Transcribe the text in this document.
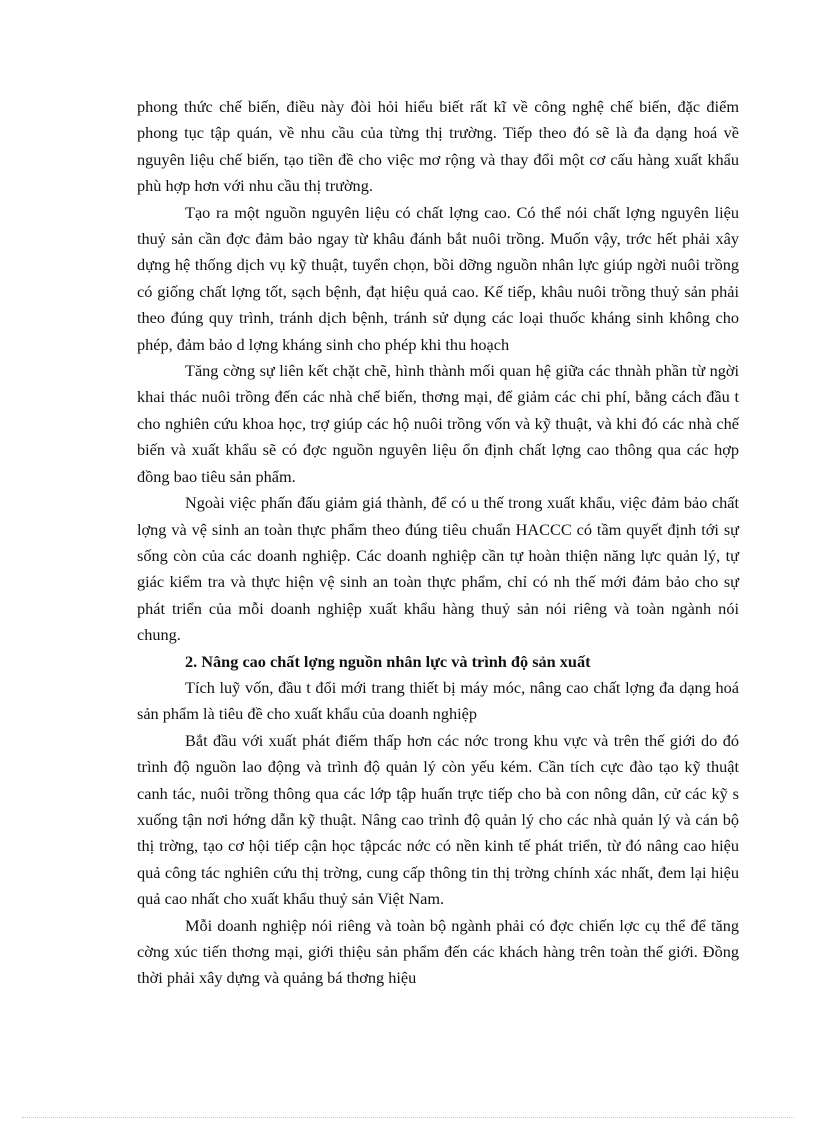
phong thức chế biến, điều này đòi hỏi hiểu biết rất kĩ về công nghệ chế biến, đặc điểm phong tục tập quán, về nhu cầu của từng thị trường. Tiếp theo đó sẽ là đa dạng hoá về nguyên liệu chế biến, tạo tiền đề cho việc mơ rộng và thay đổi một cơ cấu hàng xuất khẩu phù hợp hơn với nhu cầu thị trường.

Tạo ra một nguồn nguyên liệu có chất lợng cao. Có thể nói chất lợng nguyên liệu thuỷ sản cần đợc đảm bảo ngay từ khâu đánh bắt nuôi trồng. Muốn vậy, trớc hết phải xây dựng hệ thống dịch vụ kỹ thuật, tuyển chọn, bồi dỡng nguồn nhân lực giúp ngời nuôi trồng có giống chất lợng tốt, sạch bệnh, đạt hiệu quả cao. Kế tiếp, khâu nuôi trồng thuỷ sản phải theo đúng quy trình, tránh dịch bệnh, tránh sử dụng các loại thuốc kháng sinh không cho phép, đảm bảo d lợng kháng sinh cho phép khi thu hoạch

Tăng cờng sự liên kết chặt chẽ, hình thành mối quan hệ giữa các thnàh phần từ ngời khai thác nuôi trồng đến các nhà chế biến, thơng mại, để giảm các chi phí, bằng cách đầu t cho nghiên cứu khoa học, trợ giúp các hộ nuôi trồng vốn và kỹ thuật, và khi đó các nhà chế biến và xuất khẩu sẽ có đợc nguồn nguyên liệu ổn định chất lợng cao thông qua các hợp đồng bao tiêu sản phẩm.

Ngoài việc phấn đấu giảm giá thành, để có u thế trong xuất khẩu, việc đảm bảo chất lợng và vệ sinh an toàn thực phẩm theo đúng tiêu chuẩn HACCC có tầm quyết định tới sự sống còn của các doanh nghiệp. Các doanh nghiệp cần tự hoàn thiện năng lực quản lý, tự giác kiểm tra và thực hiện vệ sinh an toàn thực phẩm, chỉ có nh thế mới đảm bảo cho sự phát triển của mỗi doanh nghiệp xuất khẩu hàng thuỷ sản nói riêng và toàn ngành nói chung.

2. Nâng cao chất lợng nguồn nhân lực và trình độ sản xuất

Tích luỹ vốn, đầu t đổi mới trang thiết bị máy móc, nâng cao chất lợng đa dạng hoá sản phẩm là tiêu đề cho xuất khẩu của doanh nghiệp

Bắt đầu với xuất phát điểm thấp hơn các nớc trong khu vực và trên thế giới do đó trình độ nguồn lao động và trình độ quản lý còn yếu kém. Cần tích cực đào tạo kỹ thuật canh tác, nuôi trồng thông qua các lớp tập huấn trực tiếp cho bà con nông dân, cử các kỹ s xuống tận nơi hớng dẫn kỹ thuật. Nâng cao trình độ quản lý cho các nhà quản lý và cán bộ thị trờng, tạo cơ hội tiếp cận học tậpcác nớc có nền kinh tế phát triển, từ đó nâng cao hiệu quả công tác nghiên cứu thị trờng, cung cấp thông tin thị trờng chính xác nhất, đem lại hiệu quả cao nhất cho xuất khẩu thuỷ sản Việt Nam.

Mỗi doanh nghiệp nói riêng và toàn bộ ngành phải có đợc chiến lợc cụ thể để tăng cờng xúc tiến thơng mại, giới thiệu sản phẩm đến các khách hàng trên toàn thế giới. Đồng thời phải xây dựng và quảng bá thơng hiệu
